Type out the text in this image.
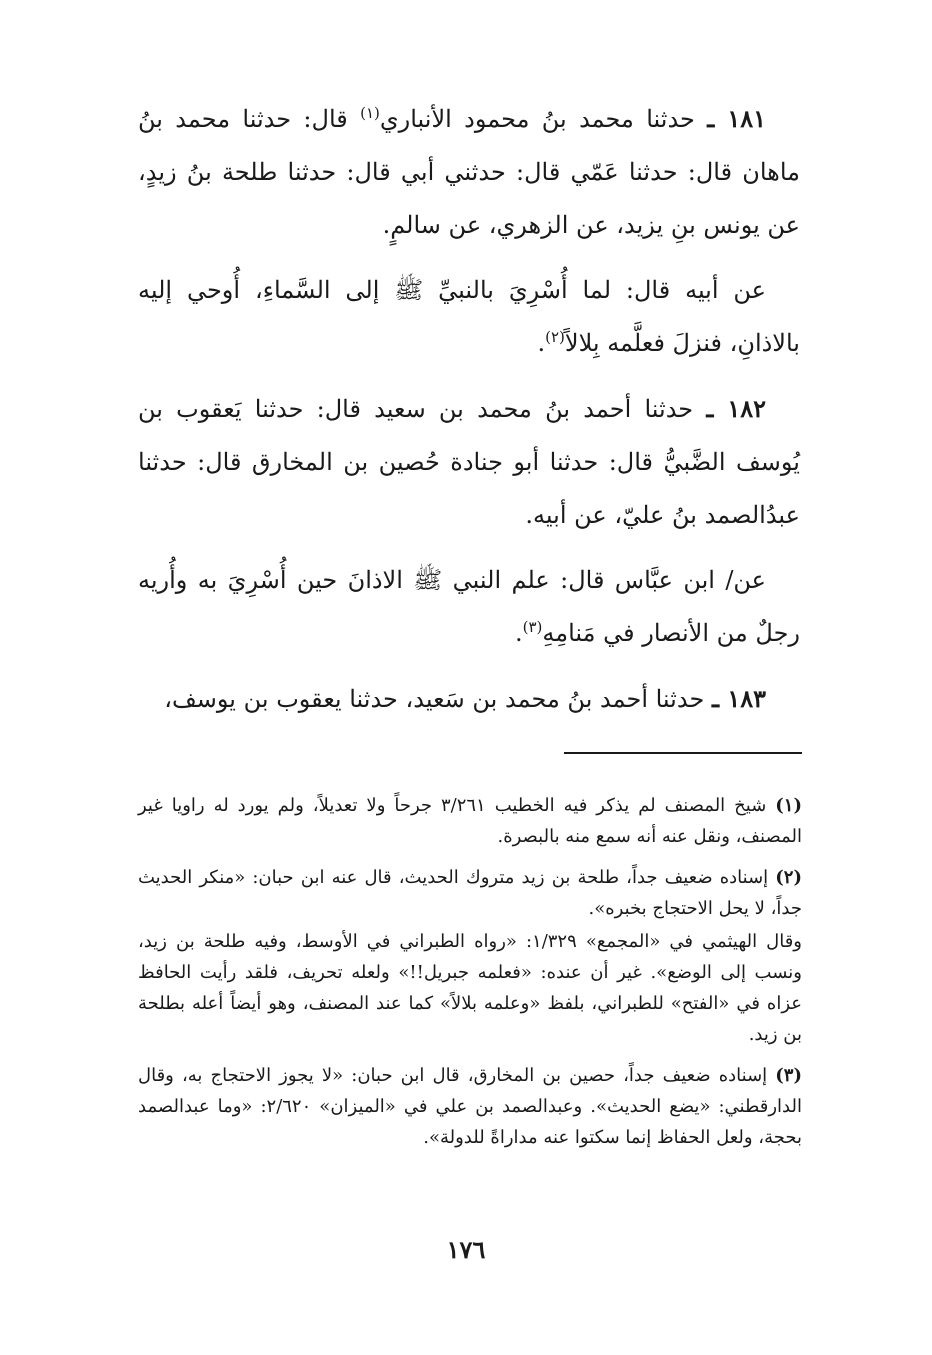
١٨١ ـ حدثنا محمد بنُ محمود الأنباري$^{(١)}$ قال: حدثنا محمد بنُ ماهان قال: حدثنا عَمّي قال: حدثني أبي قال: حدثنا طلحة بنُ زيدٍ، عن يونس بنِ يزيد، عن الزهري، عن سالمٍ.

عن أبيه قال: لما أُسْرِيَ بالنبيِّ ﷺ إلى السَّماءِ، أُوحي إليه بالاذانِ، فنزلَ فعلَّمه بِلالاً$^{(٢)}$.

١٨٢ ـ حدثنا أحمد بنُ محمد بن سعيد قال: حدثنا يَعقوب بن يُوسف الضَّبيُّ قال: حدثنا أبو جنادة حُصين بن المخارق قال: حدثنا عبدُالصمد بنُ عليّ، عن أبيه.

عن/ ابن عبَّاس قال: علم النبي ﷺ الاذانَ حين أُسْرِيَ به وأُريه رجلٌ من الأنصار في مَنامِهِ$^{(٣)}$.

١٨٣ ـ حدثنا أحمد بنُ محمد بن سَعيد، حدثنا يعقوب بن يوسف،

(١) شيخ المصنف لم يذكر فيه الخطيب ٣/٢٦١ جرحاً ولا تعديلاً، ولم يورد له راويا غير المصنف، ونقل عنه أنه سمع منه بالبصرة.

(٢) إسناده ضعيف جداً، طلحة بن زيد متروك الحديث، قال عنه ابن حبان: «منكر الحديث جداً، لا يحل الاحتجاج بخبره».

وقال الهيثمي في «المجمع» ١/٣٢٩: «رواه الطبراني في الأوسط، وفيه طلحة بن زيد، ونسب إلى الوضع». غير أن عنده: «فعلمه جبريل!!» ولعله تحريف، فلقد رأيت الحافظ عزاه في «الفتح» للطبراني، بلفظ «وعلمه بلالاً» كما عند المصنف، وهو أيضاً أعله بطلحة بن زيد.

(٣) إسناده ضعيف جداً، حصين بن المخارق، قال ابن حبان: «لا يجوز الاحتجاج به، وقال الدارقطني: «يضع الحديث». وعبدالصمد بن علي في «الميزان» ٢/٦٢٠: «وما عبدالصمد بحجة، ولعل الحفاظ إنما سكتوا عنه مداراةً للدولة».

١٧٦
